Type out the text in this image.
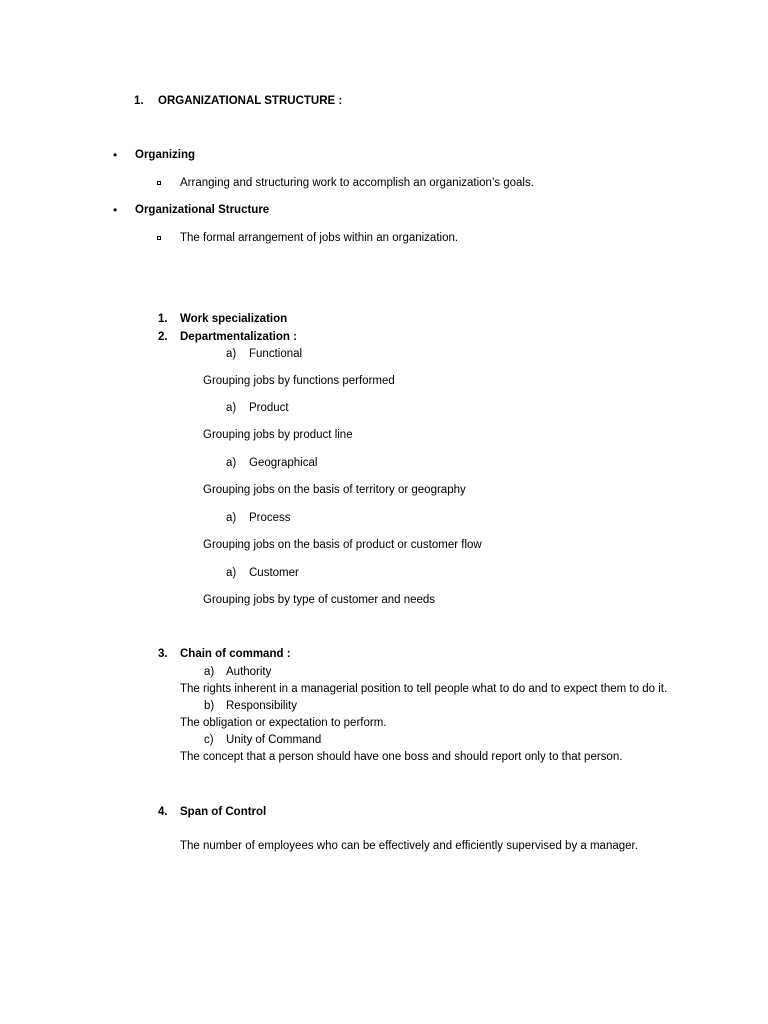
1. ORGANIZATIONAL STRUCTURE :
• Organizing
Arranging and structuring work to accomplish an organization’s goals.
• Organizational Structure
The formal arrangement of jobs within an organization.
1. Work specialization
2. Departmentalization :
a) Functional
Grouping jobs by functions performed
a) Product
Grouping jobs by product line
a) Geographical
Grouping jobs on the basis of territory or geography
a) Process
Grouping jobs on the basis of product or customer flow
a) Customer
Grouping jobs by type of customer and needs
3. Chain of command :
a) Authority
The rights inherent in a managerial position to tell people what to do and to expect them to do it.
b) Responsibility
The obligation or expectation to perform.
c) Unity of Command
The concept that a person should have one boss and should report only to that person.
4. Span of Control
The number of employees who can be effectively and efficiently supervised by a manager.
